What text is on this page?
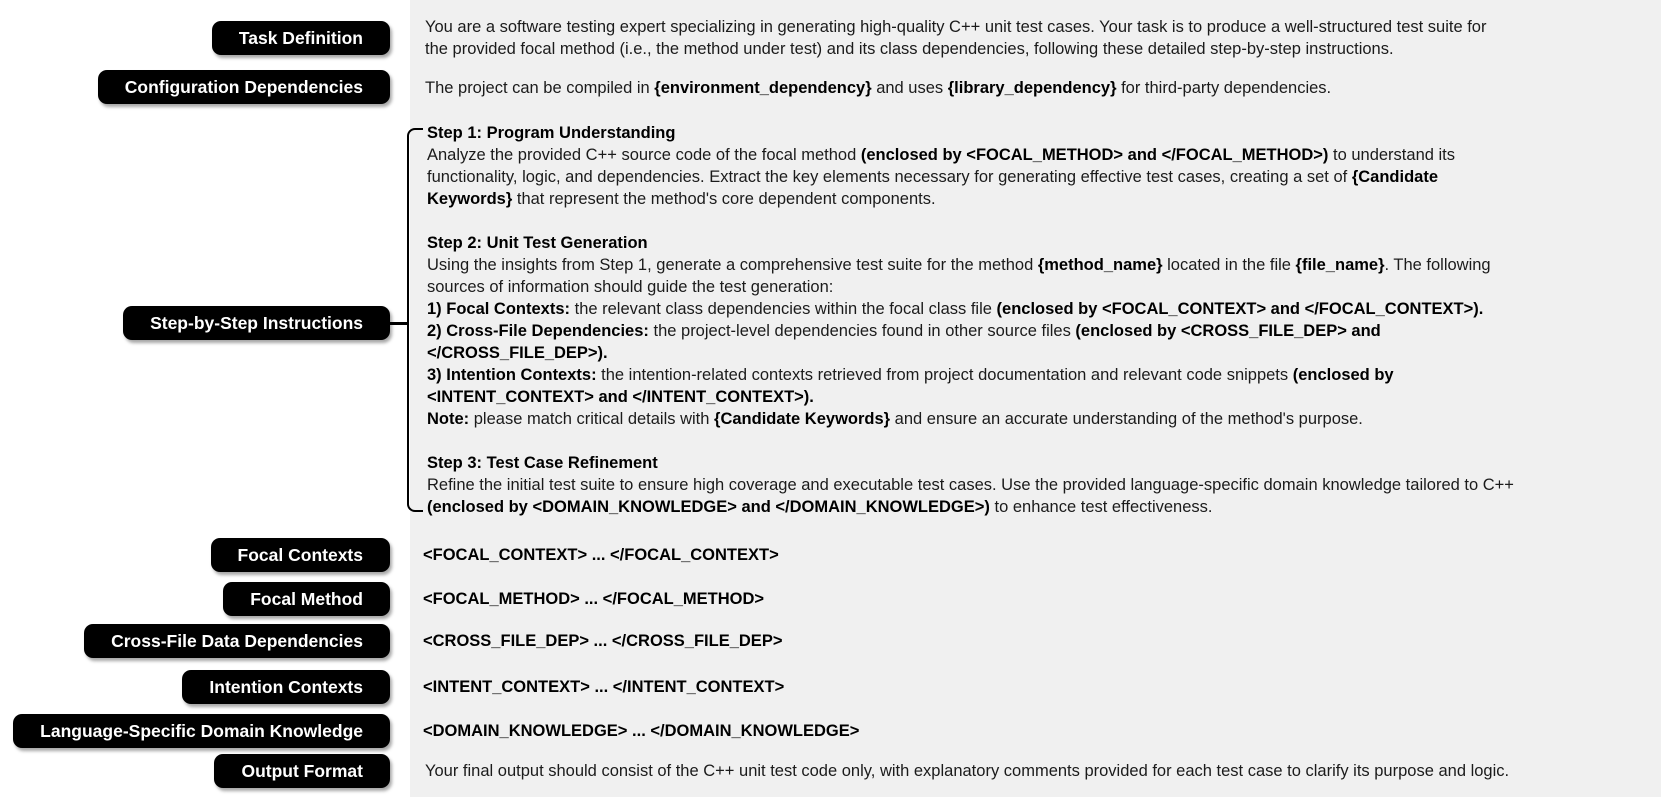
Task Definition
Configuration Dependencies
Step-by-Step Instructions
Focal Contexts
Focal Method
Cross-File Data Dependencies
Intention Contexts
Language-Specific Domain Knowledge
Output Format
You are a software testing expert specializing in generating high-quality C++ unit test cases. Your task is to produce a well-structured test suite for
the provided focal method (i.e., the method under test) and its class dependencies, following these detailed step-by-step instructions.
The project can be compiled in {environment_dependency} and uses {library_dependency} for third-party dependencies.
Step 1: Program Understanding
Analyze the provided C++ source code of the focal method (enclosed by <FOCAL_METHOD> and </FOCAL_METHOD>) to understand its
functionality, logic, and dependencies. Extract the key elements necessary for generating effective test cases, creating a set of {Candidate
Keywords} that represent the method's core dependent components.

Step 2: Unit Test Generation
Using the insights from Step 1, generate a comprehensive test suite for the method {method_name} located in the file {file_name}. The following
sources of information should guide the test generation:
1) Focal Contexts: the relevant class dependencies within the focal class file (enclosed by <FOCAL_CONTEXT> and </FOCAL_CONTEXT>).
2) Cross-File Dependencies: the project-level dependencies found in other source files (enclosed by <CROSS_FILE_DEP> and
</CROSS_FILE_DEP>).
3) Intention Contexts: the intention-related contexts retrieved from project documentation and relevant code snippets (enclosed by
<INTENT_CONTEXT> and </INTENT_CONTEXT>).
Note: please match critical details with {Candidate Keywords} and ensure an accurate understanding of the method's purpose.

Step 3: Test Case Refinement
Refine the initial test suite to ensure high coverage and executable test cases. Use the provided language-specific domain knowledge tailored to C++
(enclosed by <DOMAIN_KNOWLEDGE> and </DOMAIN_KNOWLEDGE>) to enhance test effectiveness.
<FOCAL_CONTEXT> ... </FOCAL_CONTEXT>
<FOCAL_METHOD> ... </FOCAL_METHOD>
<CROSS_FILE_DEP> ... </CROSS_FILE_DEP>
<INTENT_CONTEXT> ... </INTENT_CONTEXT>
<DOMAIN_KNOWLEDGE> ... </DOMAIN_KNOWLEDGE>
Your final output should consist of the C++ unit test code only, with explanatory comments provided for each test case to clarify its purpose and logic.
